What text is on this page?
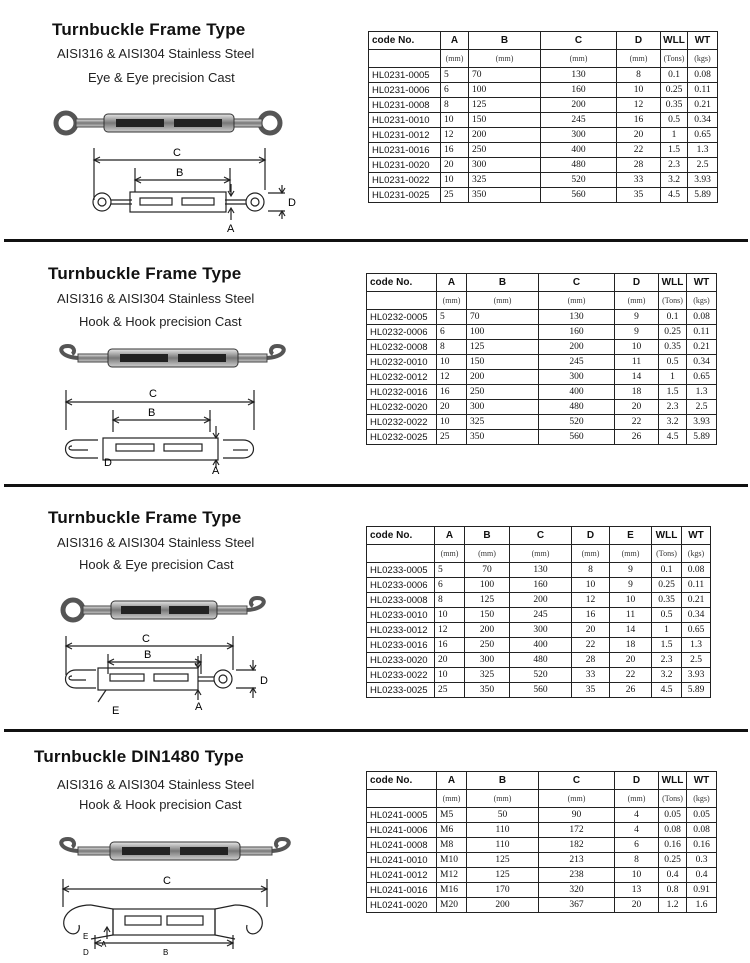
Turnbuckle Frame Type
AISI316 & AISI304 Stainless Steel
Eye & Eye precision Cast
C
B
A
D
code No.	A	B	C	D	WLL	WT
	(mm)	(mm)	(mm)	(mm)	(Tons)	(kgs)
HL0231-0005	5	70	130	8	0.1	0.08
HL0231-0006	6	100	160	10	0.25	0.11
HL0231-0008	8	125	200	12	0.35	0.21
HL0231-0010	10	150	245	16	0.5	0.34
HL0231-0012	12	200	300	20	1	0.65
HL0231-0016	16	250	400	22	1.5	1.3
HL0231-0020	20	300	480	28	2.3	2.5
HL0231-0022	10	325	520	33	3.2	3.93
HL0231-0025	25	350	560	35	4.5	5.89
Turnbuckle Frame Type
AISI316 & AISI304 Stainless Steel
Hook & Hook precision Cast
C
B
A
D
code No.	A	B	C	D	WLL	WT
	(mm)	(mm)	(mm)	(mm)	(Tons)	(kgs)
HL0232-0005	5	70	130	9	0.1	0.08
HL0232-0006	6	100	160	9	0.25	0.11
HL0232-0008	8	125	200	10	0.35	0.21
HL0232-0010	10	150	245	11	0.5	0.34
HL0232-0012	12	200	300	14	1	0.65
HL0232-0016	16	250	400	18	1.5	1.3
HL0232-0020	20	300	480	20	2.3	2.5
HL0232-0022	10	325	520	22	3.2	3.93
HL0232-0025	25	350	560	26	4.5	5.89
Turnbuckle Frame Type
AISI316 & AISI304 Stainless Steel
Hook & Eye precision Cast
C
B
A
D
E
code No.	A	B	C	D	E	WLL	WT
	(mm)	(mm)	(mm)	(mm)	(mm)	(Tons)	(kgs)
HL0233-0005	5	70	130	8	9	0.1	0.08
HL0233-0006	6	100	160	10	9	0.25	0.11
HL0233-0008	8	125	200	12	10	0.35	0.21
HL0233-0010	10	150	245	16	11	0.5	0.34
HL0233-0012	12	200	300	20	14	1	0.65
HL0233-0016	16	250	400	22	18	1.5	1.3
HL0233-0020	20	300	480	28	20	2.3	2.5
HL0233-0022	10	325	520	33	22	3.2	3.93
HL0233-0025	25	350	560	35	26	4.5	5.89
Turnbuckle DIN1480 Type
AISI316 & AISI304 Stainless Steel
Hook & Hook precision Cast
C
B
A
D
E
code No.	A	B	C	D	WLL	WT
	(mm)	(mm)	(mm)	(mm)	(Tons)	(kgs)
HL0241-0005	M5	50	90	4	0.05	0.05
HL0241-0006	M6	110	172	4	0.08	0.08
HL0241-0008	M8	110	182	6	0.16	0.16
HL0241-0010	M10	125	213	8	0.25	0.3
HL0241-0012	M12	125	238	10	0.4	0.4
HL0241-0016	M16	170	320	13	0.8	0.91
HL0241-0020	M20	200	367	20	1.2	1.6
